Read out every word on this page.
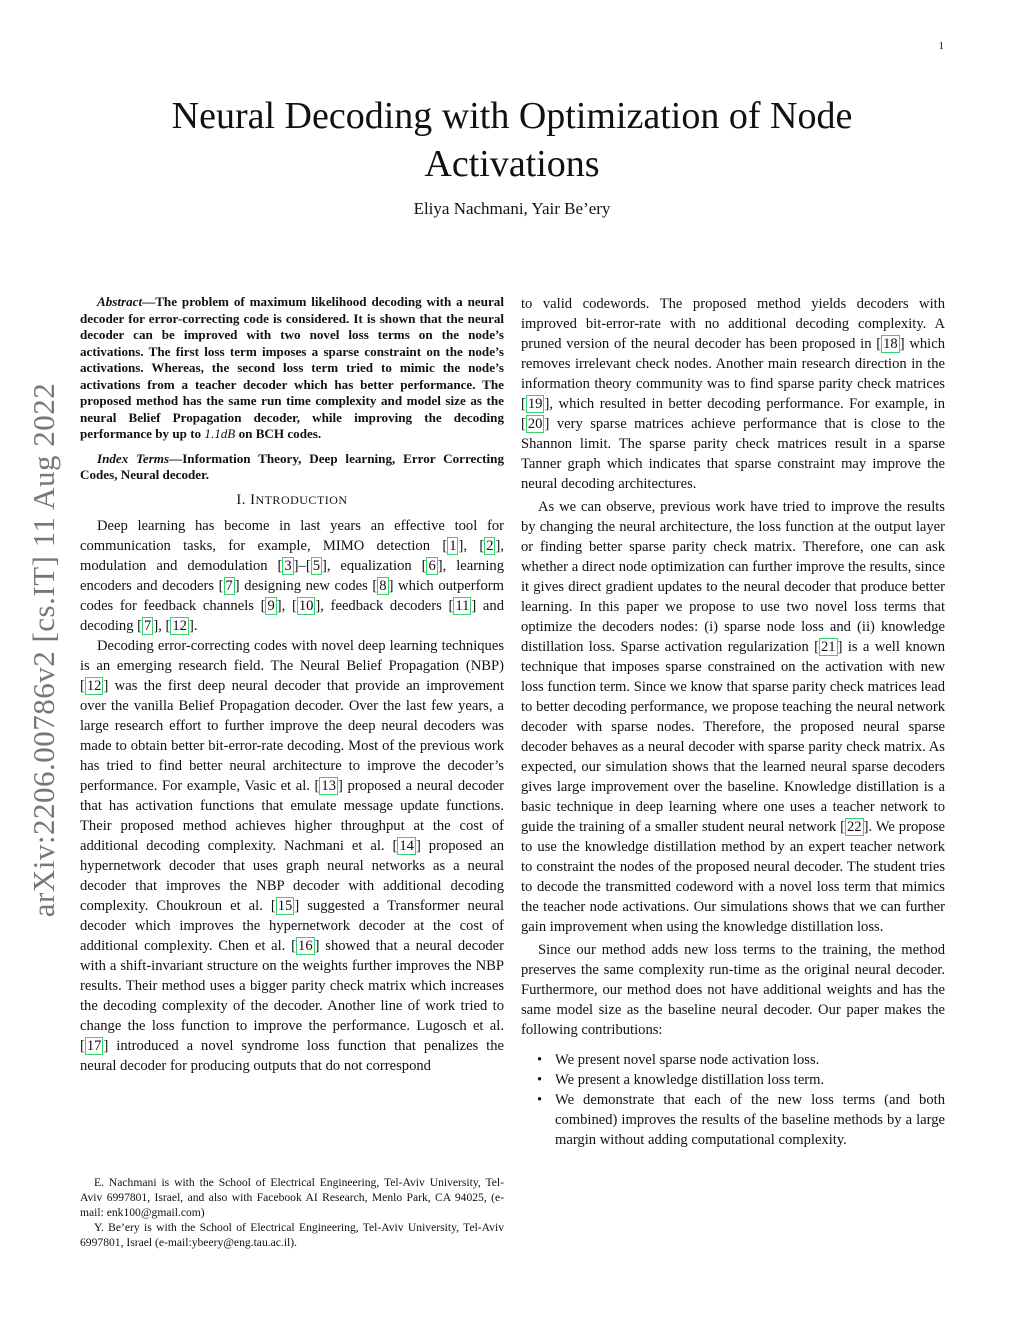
1
arXiv:2206.00786v2 [cs.IT] 11 Aug 2022
Neural Decoding with Optimization of Node
Activations
Eliya Nachmani, Yair Be’ery

Abstract—The problem of maximum likelihood decoding with a neural decoder for error-correcting code is considered. It is shown that the neural decoder can be improved with two novel loss terms on the node’s activations. The first loss term imposes a sparse constraint on the node’s activations. Whereas, the second loss term tried to mimic the node’s activations from a teacher decoder which has better performance. The proposed method has the same run time complexity and model size as the neural Belief Propagation decoder, while improving the decoding performance by up to 1.1dB on BCH codes.

Index Terms—Information Theory, Deep learning, Error Correcting Codes, Neural decoder.

I. INTRODUCTION

Deep learning has become in last years an effective tool for communication tasks, for example, MIMO detection [ 1 ], [ 2 ], modulation and demodulation [ 3 ]–[ 5 ], equalization [ 6 ], learning encoders and decoders [ 7 ] designing new codes [ 8 ] which outperform codes for feedback channels [ 9 ], [ 10 ], feedback decoders [ 11 ] and decoding [ 7 ], [ 12 ].

Decoding error-correcting codes with novel deep learning techniques is an emerging research field. The Neural Belief Propagation (NBP) [ 12 ] was the first deep neural decoder that provide an improvement over the vanilla Belief Propagation decoder. Over the last few years, a large research effort to further improve the deep neural decoders was made to obtain better bit-error-rate decoding. Most of the previous work has tried to find better neural architecture to improve the decoder’s performance. For example, Vasic et al. [ 13 ] proposed a neural decoder that has activation functions that emulate message update functions. Their proposed method achieves higher throughput at the cost of additional decoding complexity. Nachmani et al. [ 14 ] proposed an hypernetwork decoder that uses graph neural networks as a neural decoder that improves the NBP decoder with additional decoding complexity. Choukroun et al. [ 15 ] suggested a Transformer neural decoder which improves the hypernetwork decoder at the cost of additional complexity. Chen et al. [ 16 ] showed that a neural decoder with a shift-invariant structure on the weights further improves the NBP results. Their method uses a bigger parity check matrix which increases the decoding complexity of the decoder. Another line of work tried to change the loss function to improve the performance. Lugosch et al. [ 17 ] introduced a novel syndrome loss function that penalizes the neural decoder for producing outputs that do not correspond

E. Nachmani is with the School of Electrical Engineering, Tel-Aviv University, Tel-Aviv 6997801, Israel, and also with Facebook AI Research, Menlo Park, CA 94025, (e-mail: enk100@gmail.com)

Y. Be’ery is with the School of Electrical Engineering, Tel-Aviv University, Tel-Aviv 6997801, Israel (e-mail:ybeery@eng.tau.ac.il).

to valid codewords. The proposed method yields decoders with improved bit-error-rate with no additional decoding complexity. A pruned version of the neural decoder has been proposed in [ 18 ] which removes irrelevant check nodes. Another main research direction in the information theory community was to find sparse parity check matrices [ 19 ], which resulted in better decoding performance. For example, in [ 20 ] very sparse matrices achieve performance that is close to the Shannon limit. The sparse parity check matrices result in a sparse Tanner graph which indicates that sparse constraint may improve the neural decoding architectures.

As we can observe, previous work have tried to improve the results by changing the neural architecture, the loss function at the output layer or finding better sparse parity check matrix. Therefore, one can ask whether a direct node optimization can further improve the results, since it gives direct gradient updates to the neural decoder that produce better learning. In this paper we propose to use two novel loss terms that optimize the decoders nodes: (i) sparse node loss and (ii) knowledge distillation loss. Sparse activation regularization [ 21 ] is a well known technique that imposes sparse constrained on the activation with new loss function term. Since we know that sparse parity check matrices lead to better decoding performance, we propose teaching the neural network decoder with sparse nodes. Therefore, the proposed neural sparse decoder behaves as a neural decoder with sparse parity check matrix. As expected, our simulation shows that the learned neural sparse decoders gives large improvement over the baseline. Knowledge distillation is a basic technique in deep learning where one uses a teacher network to guide the training of a smaller student neural network [ 22 ]. We propose to use the knowledge distillation method by an expert teacher network to constraint the nodes of the proposed neural decoder. The student tries to decode the transmitted codeword with a novel loss term that mimics the teacher node activations. Our simulations shows that we can further gain improvement when using the knowledge distillation loss.

Since our method adds new loss terms to the training, the method preserves the same complexity run-time as the original neural decoder. Furthermore, our method does not have additional weights and has the same model size as the baseline neural decoder. Our paper makes the following contributions:

• We present novel sparse node activation loss.
• We present a knowledge distillation loss term.
• We demonstrate that each of the new loss terms (and both combined) improves the results of the baseline methods by a large margin without adding computational complexity.
